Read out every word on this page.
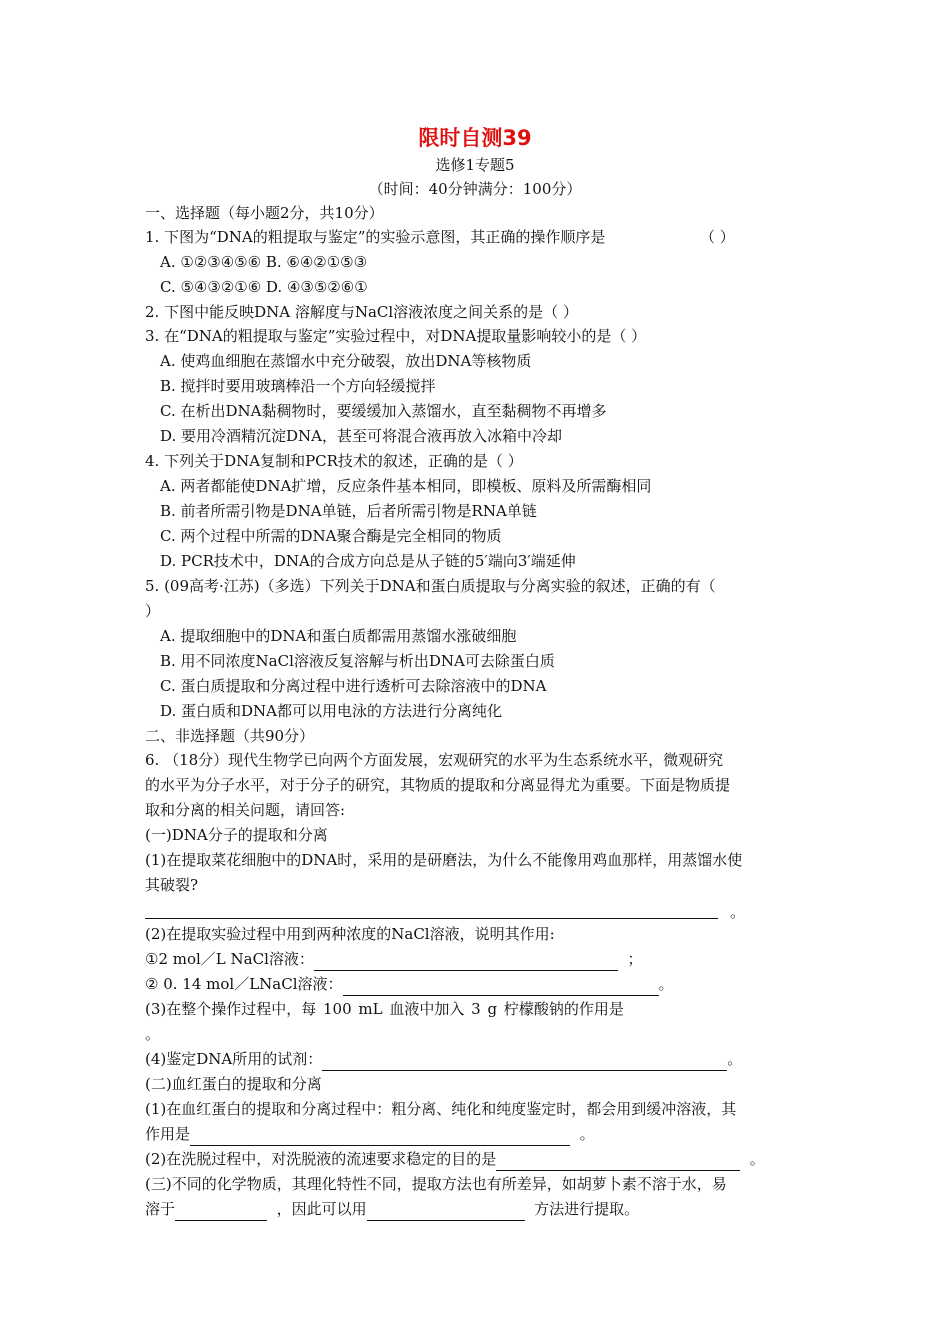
限时自测39
选修1专题5
（时间：40分钟满分：100分）
一、选择题（每小题2分，共10分）
1. 下图为“DNA的粗提取与鉴定”的实验示意图，其正确的操作顺序是	（ ）
A. ①②③④⑤⑥ B. ⑥④②①⑤③
C. ⑤④③②①⑥ D. ④③⑤②⑥①
2. 下图中能反映DNA 溶解度与NaCl溶液浓度之间关系的是（ ）
3. 在“DNA的粗提取与鉴定”实验过程中，对DNA提取量影响较小的是（ ）
A. 使鸡血细胞在蒸馏水中充分破裂，放出DNA等核物质
B. 搅拌时要用玻璃棒沿一个方向轻缓搅拌
C. 在析出DNA黏稠物时，要缓缓加入蒸馏水，直至黏稠物不再增多
D. 要用冷酒精沉淀DNA，甚至可将混合液再放入冰箱中冷却
4. 下列关于DNA复制和PCR技术的叙述，正确的是（ ）
A. 两者都能使DNA扩增，反应条件基本相同，即模板、原料及所需酶相同
B. 前者所需引物是DNA单链，后者所需引物是RNA单链
C. 两个过程中所需的DNA聚合酶是完全相同的物质
D. PCR技术中，DNA的合成方向总是从子链的5′端向3′端延伸
5. (09高考·江苏)（多选）下列关于DNA和蛋白质提取与分离实验的叙述，正确的有（
）
A. 提取细胞中的DNA和蛋白质都需用蒸馏水涨破细胞
B. 用不同浓度NaCl溶液反复溶解与析出DNA可去除蛋白质
C. 蛋白质提取和分离过程中进行透析可去除溶液中的DNA
D. 蛋白质和DNA都可以用电泳的方法进行分离纯化
二、非选择题（共90分）
6. （18分）现代生物学已向两个方面发展，宏观研究的水平为生态系统水平，微观研究
的水平为分子水平，对于分子的研究，其物质的提取和分离显得尤为重要。下面是物质提
取和分离的相关问题，请回答:
(一)DNA分子的提取和分离
(1)在提取菜花细胞中的DNA时，采用的是研磨法，为什么不能像用鸡血那样，用蒸馏水使
其破裂?
。
(2)在提取实验过程中用到两种浓度的NaCl溶液，说明其作用:
①2 mol／L NaCl溶液：	；
② 0. 14 mol／LNaCl溶液：	。
(3)在整个操作过程中，每 100 mL 血液中加入 3 g 柠檬酸钠的作用是
。
(4)鉴定DNA所用的试剂：	。
(二)血红蛋白的提取和分离
(1)在血红蛋白的提取和分离过程中：粗分离、纯化和纯度鉴定时，都会用到缓冲溶液，其
作用是	。
(2)在洗脱过程中，对洗脱液的流速要求稳定的目的是	。
(三)不同的化学物质，其理化特性不同，提取方法也有所差异，如胡萝卜素不溶于水，易
溶于	，因此可以用	方法进行提取。
